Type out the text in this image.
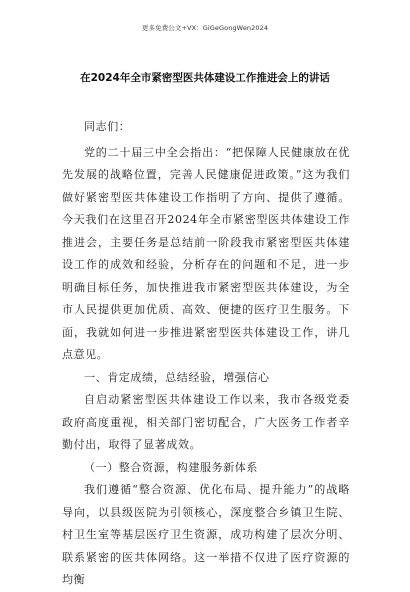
更多免费公文+VX：GiGeGongWen2024
在2024年全市紧密型医共体建设工作推进会上的讲话

同志们：

党的二十届三中全会指出：“把保障人民健康放在优先发展的战略位置，完善人民健康促进政策。”这为我们做好紧密型医共体建设工作指明了方向、提供了遵循。今天我们在这里召开2024年全市紧密型医共体建设工作推进会，主要任务是总结前一阶段我市紧密型医共体建设工作的成效和经验，分析存在的问题和不足，进一步明确目标任务，加快推进我市紧密型医共体建设，为全市人民提供更加优质、高效、便捷的医疗卫生服务。下面，我就如何进一步推进紧密型医共体建设工作，讲几点意见。

一、肯定成绩，总结经验，增强信心

自启动紧密型医共体建设工作以来，我市各级党委政府高度重视，相关部门密切配合，广大医务工作者辛勤付出，取得了显著成效。

（一）整合资源，构建服务新体系

我们遵循“整合资源、优化布局、提升能力”的战略导向，以县级医院为引领核心，深度整合乡镇卫生院、村卫生室等基层医疗卫生资源，成功构建了层次分明、联系紧密的医共体网络。这一举措不仅进了医疗资源的均衡
